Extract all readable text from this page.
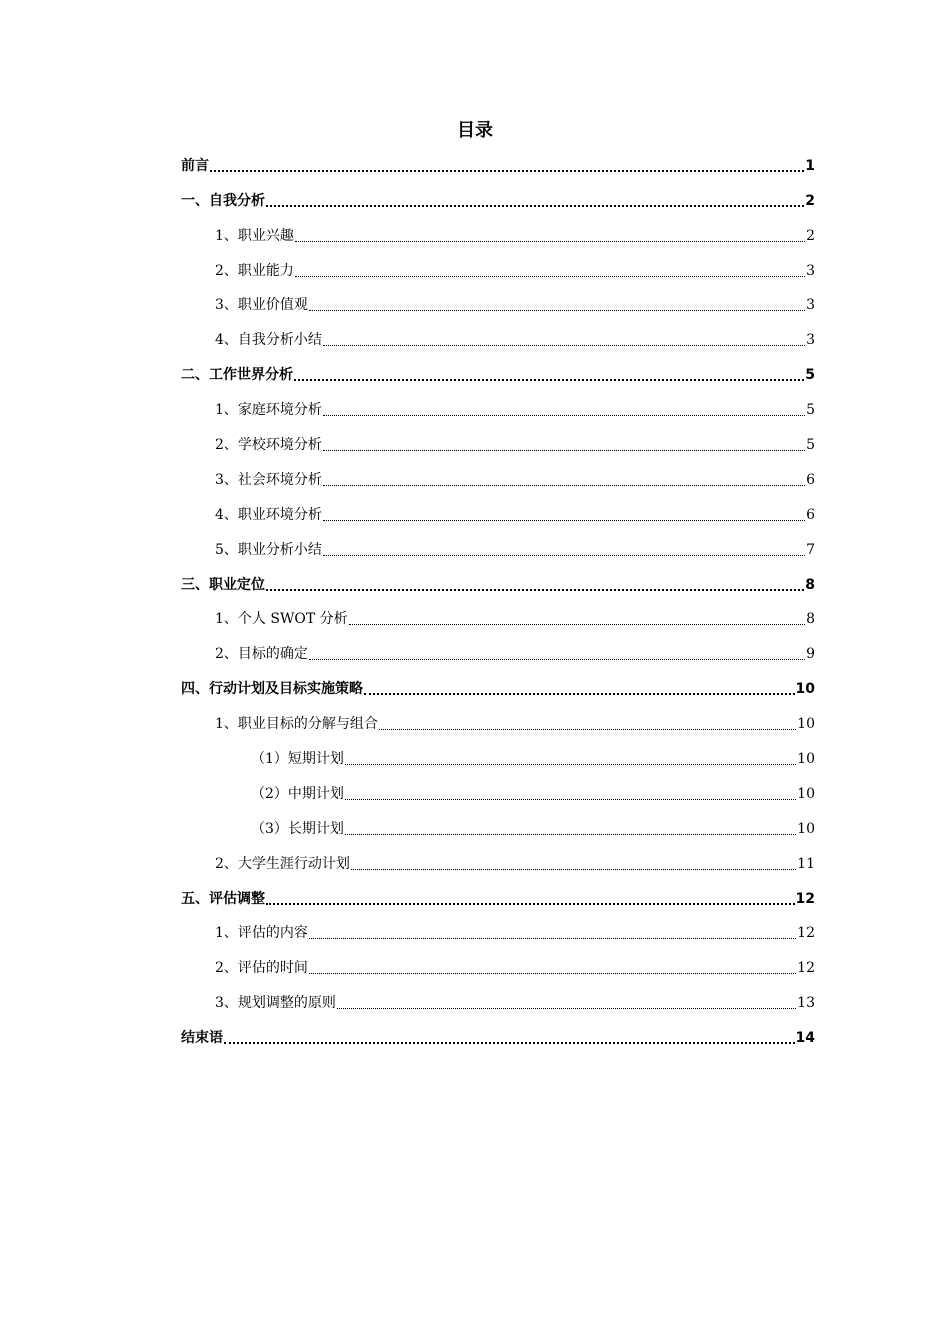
目录
前言	1
一、自我分析	2
1、职业兴趣	2
2、职业能力	3
3、职业价值观	3
4、自我分析小结	3
二、工作世界分析	5
1、家庭环境分析	5
2、学校环境分析	5
3、社会环境分析	6
4、职业环境分析	6
5、职业分析小结	7
三、职业定位	8
1、个人 SWOT 分析	8
2、目标的确定	9
四、行动计划及目标实施策略	10
1、职业目标的分解与组合	10
（1）短期计划	10
（2）中期计划	10
（3）长期计划	10
2、大学生涯行动计划	11
五、评估调整	12
1、评估的内容	12
2、评估的时间	12
3、规划调整的原则	13
结束语	14
